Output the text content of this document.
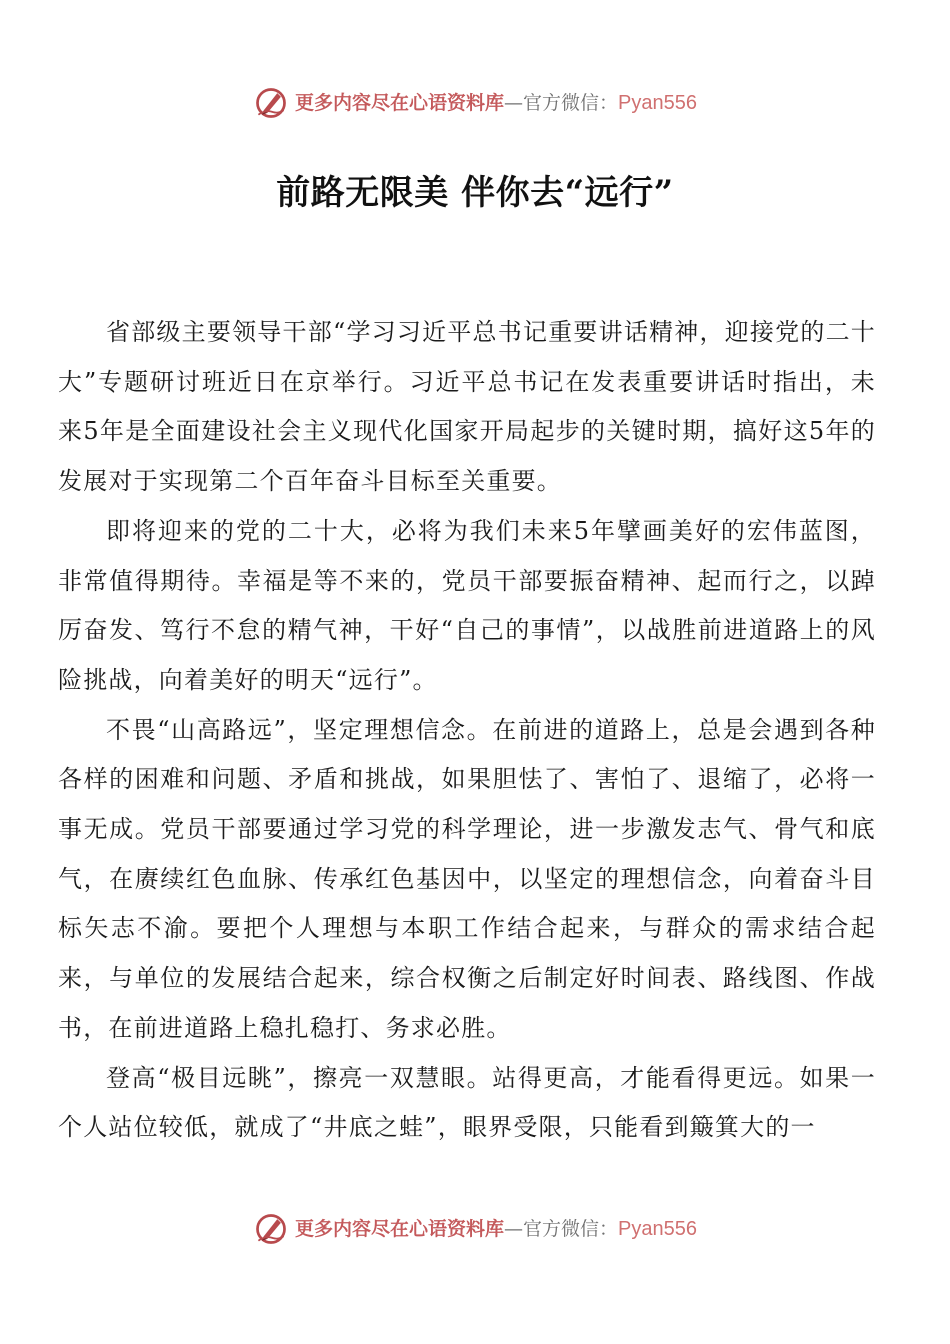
更多内容尽在心语资料库—官方微信：Pyan556
前路无限美 伴你去“远行”

省部级主要领导干部“学习习近平总书记重要讲话精神，迎接党的二十大”专题研讨班近日在京举行。习近平总书记在发表重要讲话时指出，未来5年是全面建设社会主义现代化国家开局起步的关键时期，搞好这5年的发展对于实现第二个百年奋斗目标至关重要。

即将迎来的党的二十大，必将为我们未来5年擘画美好的宏伟蓝图，非常值得期待。幸福是等不来的，党员干部要振奋精神、起而行之，以踔厉奋发、笃行不怠的精气神，干好“自己的事情”，以战胜前进道路上的风险挑战，向着美好的明天“远行”。

不畏“山高路远”，坚定理想信念。在前进的道路上，总是会遇到各种各样的困难和问题、矛盾和挑战，如果胆怯了、害怕了、退缩了，必将一事无成。党员干部要通过学习党的科学理论，进一步激发志气、骨气和底气，在赓续红色血脉、传承红色基因中，以坚定的理想信念，向着奋斗目标矢志不渝。要把个人理想与本职工作结合起来，与群众的需求结合起来，与单位的发展结合起来，综合权衡之后制定好时间表、路线图、作战书，在前进道路上稳扎稳打、务求必胜。

登高“极目远眺”，擦亮一双慧眼。站得更高，才能看得更远。如果一个人站位较低，就成了“井底之蛙”，眼界受限，只能看到簸箕大的一

更多内容尽在心语资料库—官方微信：Pyan556
